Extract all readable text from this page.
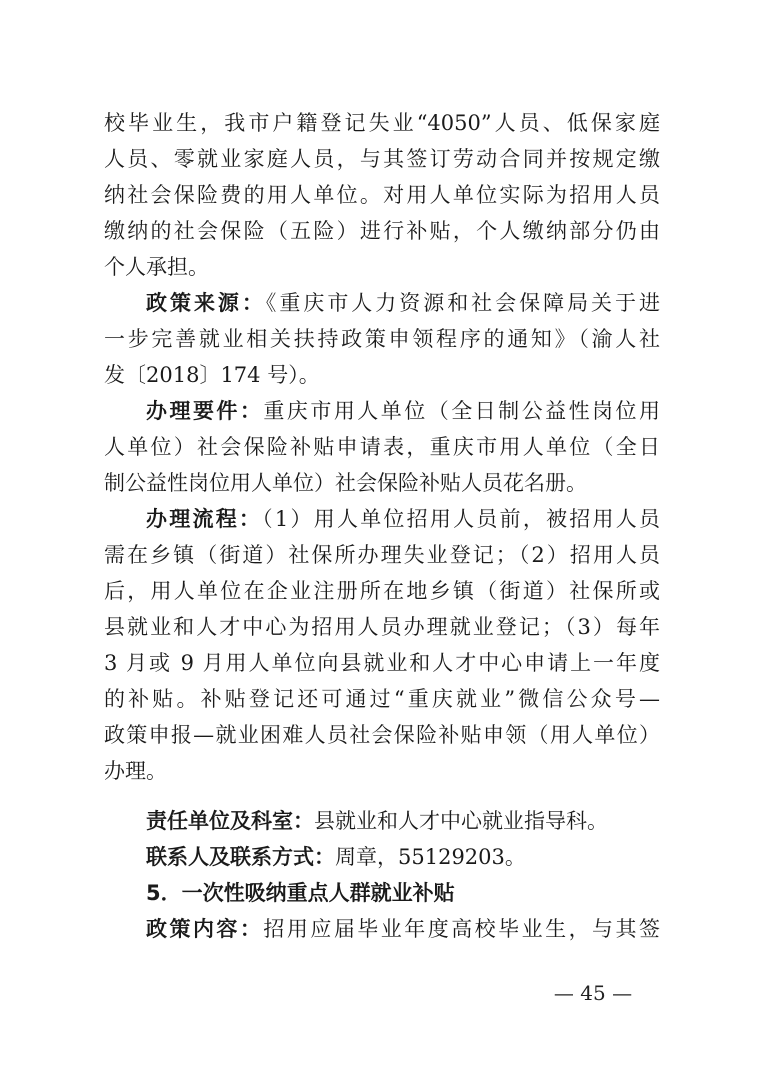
校毕业生，我市户籍登记失业“4050”人员、低保家庭
人员、零就业家庭人员，与其签订劳动合同并按规定缴
纳社会保险费的用人单位。对用人单位实际为招用人员
缴纳的社会保险（五险）进行补贴，个人缴纳部分仍由
个人承担。
政策来源：《重庆市人力资源和社会保障局关于进
一步完善就业相关扶持政策申领程序的通知》（渝人社
发〔2018〕174 号）。
办理要件：重庆市用人单位（全日制公益性岗位用
人单位）社会保险补贴申请表，重庆市用人单位（全日
制公益性岗位用人单位）社会保险补贴人员花名册。
办理流程：（1）用人单位招用人员前，被招用人员
需在乡镇（街道）社保所办理失业登记；（2）招用人员
后，用人单位在企业注册所在地乡镇（街道）社保所或
县就业和人才中心为招用人员办理就业登记；（3）每年
3 月或 9 月用人单位向县就业和人才中心申请上一年度
的补贴。补贴登记还可通过“重庆就业”微信公众号—
政策申报—就业困难人员社会保险补贴申领（用人单位）
办理。
责任单位及科室：县就业和人才中心就业指导科。
联系人及联系方式：周章，55129203。
5．一次性吸纳重点人群就业补贴
政策内容：招用应届毕业年度高校毕业生，与其签
— 45 —
